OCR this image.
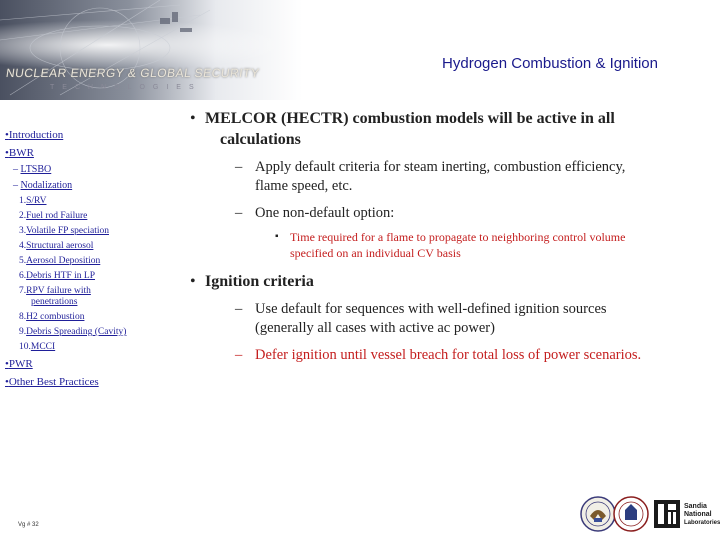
NUCLEAR ENERGY & GLOBAL SECURITY
TECHNOLOGIES
Hydrogen Combustion & Ignition
•Introduction
•BWR
– LTSBO
– Nodalization
1.S/RV
2.Fuel rod Failure
3.Volatile FP speciation
4.Structural aerosol
5.Aerosol Deposition
6.Debris HTF in LP
7.RPV failure with penetrations
8.H2 combustion
9.Debris Spreading (Cavity)
10.MCCI
•PWR
•Other Best Practices
Vg # 32
• MELCOR (HECTR) combustion models will be active in all calculations
– Apply default criteria for steam inerting, combustion efficiency, flame speed, etc.
– One non-default option:
▪ Time required for a flame to propagate to neighboring control volume specified on an individual CV basis
• Ignition criteria
– Use default for sequences with well-defined ignition sources (generally all cases with active ac power)
– Defer ignition until vessel breach for total loss of power scenarios.
Sandia
National
Laboratories
